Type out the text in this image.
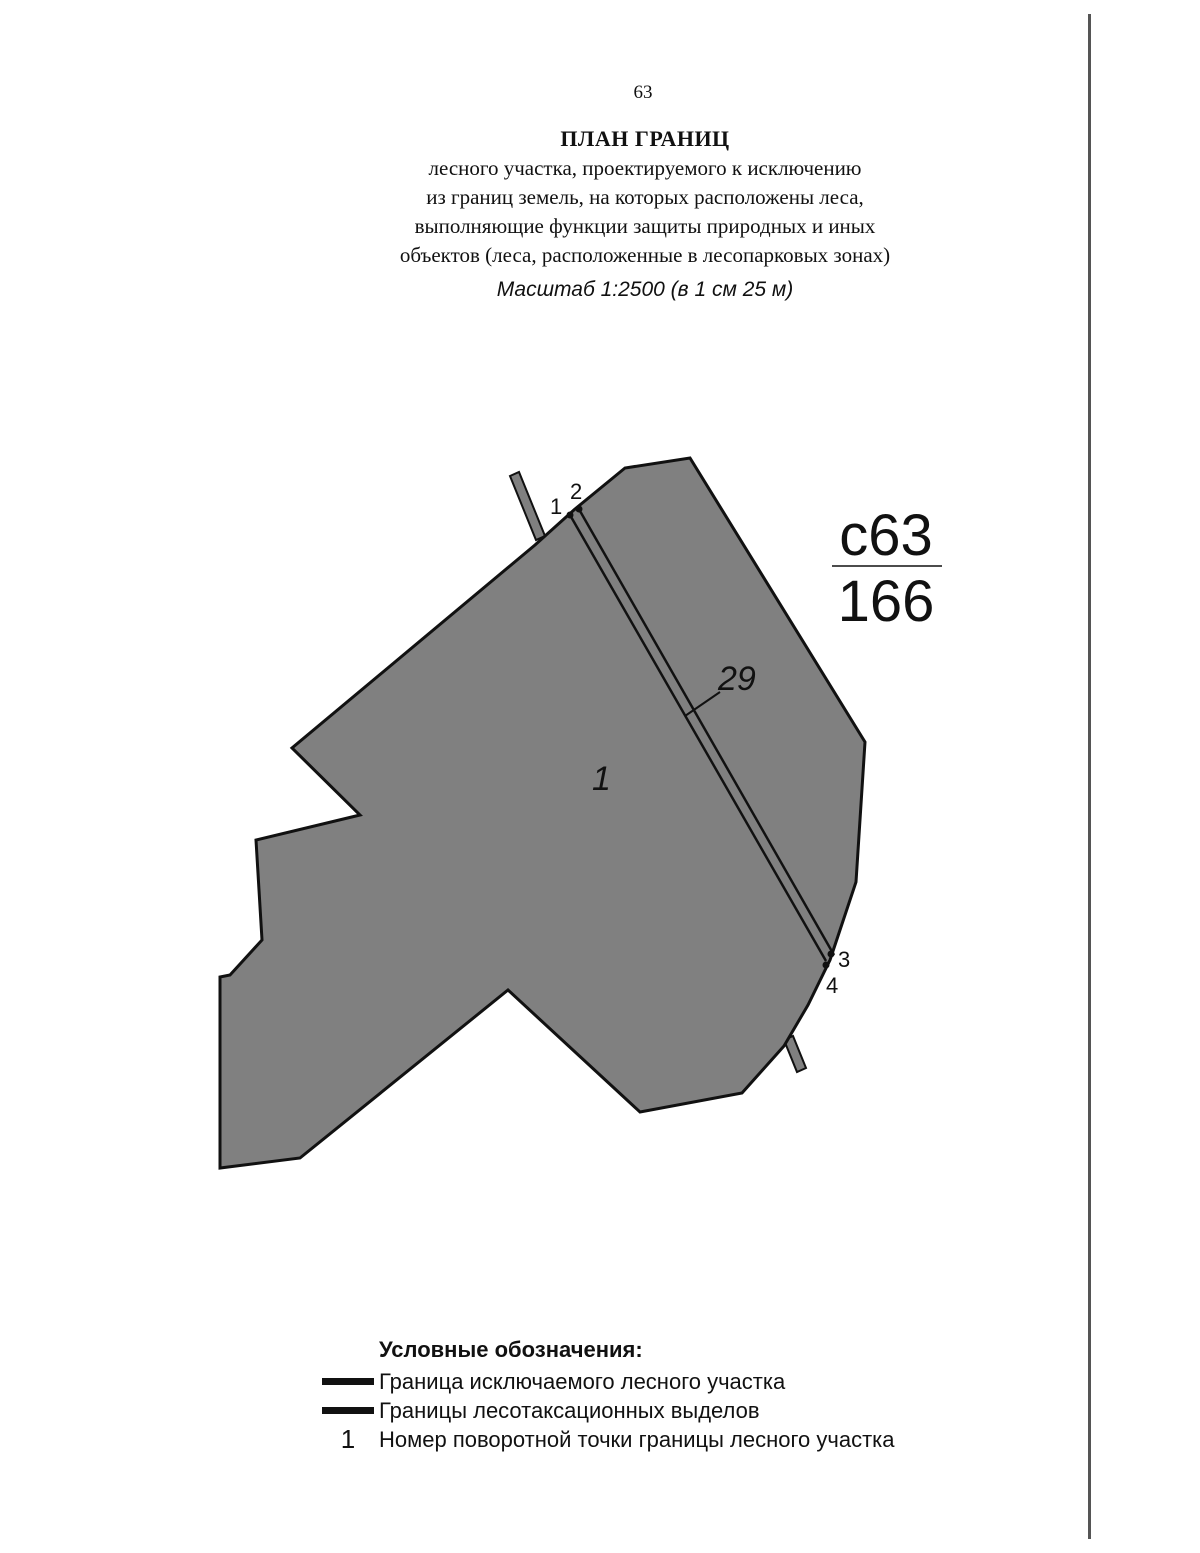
63
ПЛАН ГРАНИЦ
лесного участка, проектируемого к исключению
из границ земель, на которых расположены леса,
выполняющие функции защиты природных и иных
объектов (леса, расположенные в лесопарковых зонах)
Масштаб 1:2500 (в 1 см 25 м)
1
2
3
4
1
29
с63
166
Условные обозначения:
Граница исключаемого лесного участка
Границы лесотаксационных выделов
1	Номер поворотной точки границы лесного участка
